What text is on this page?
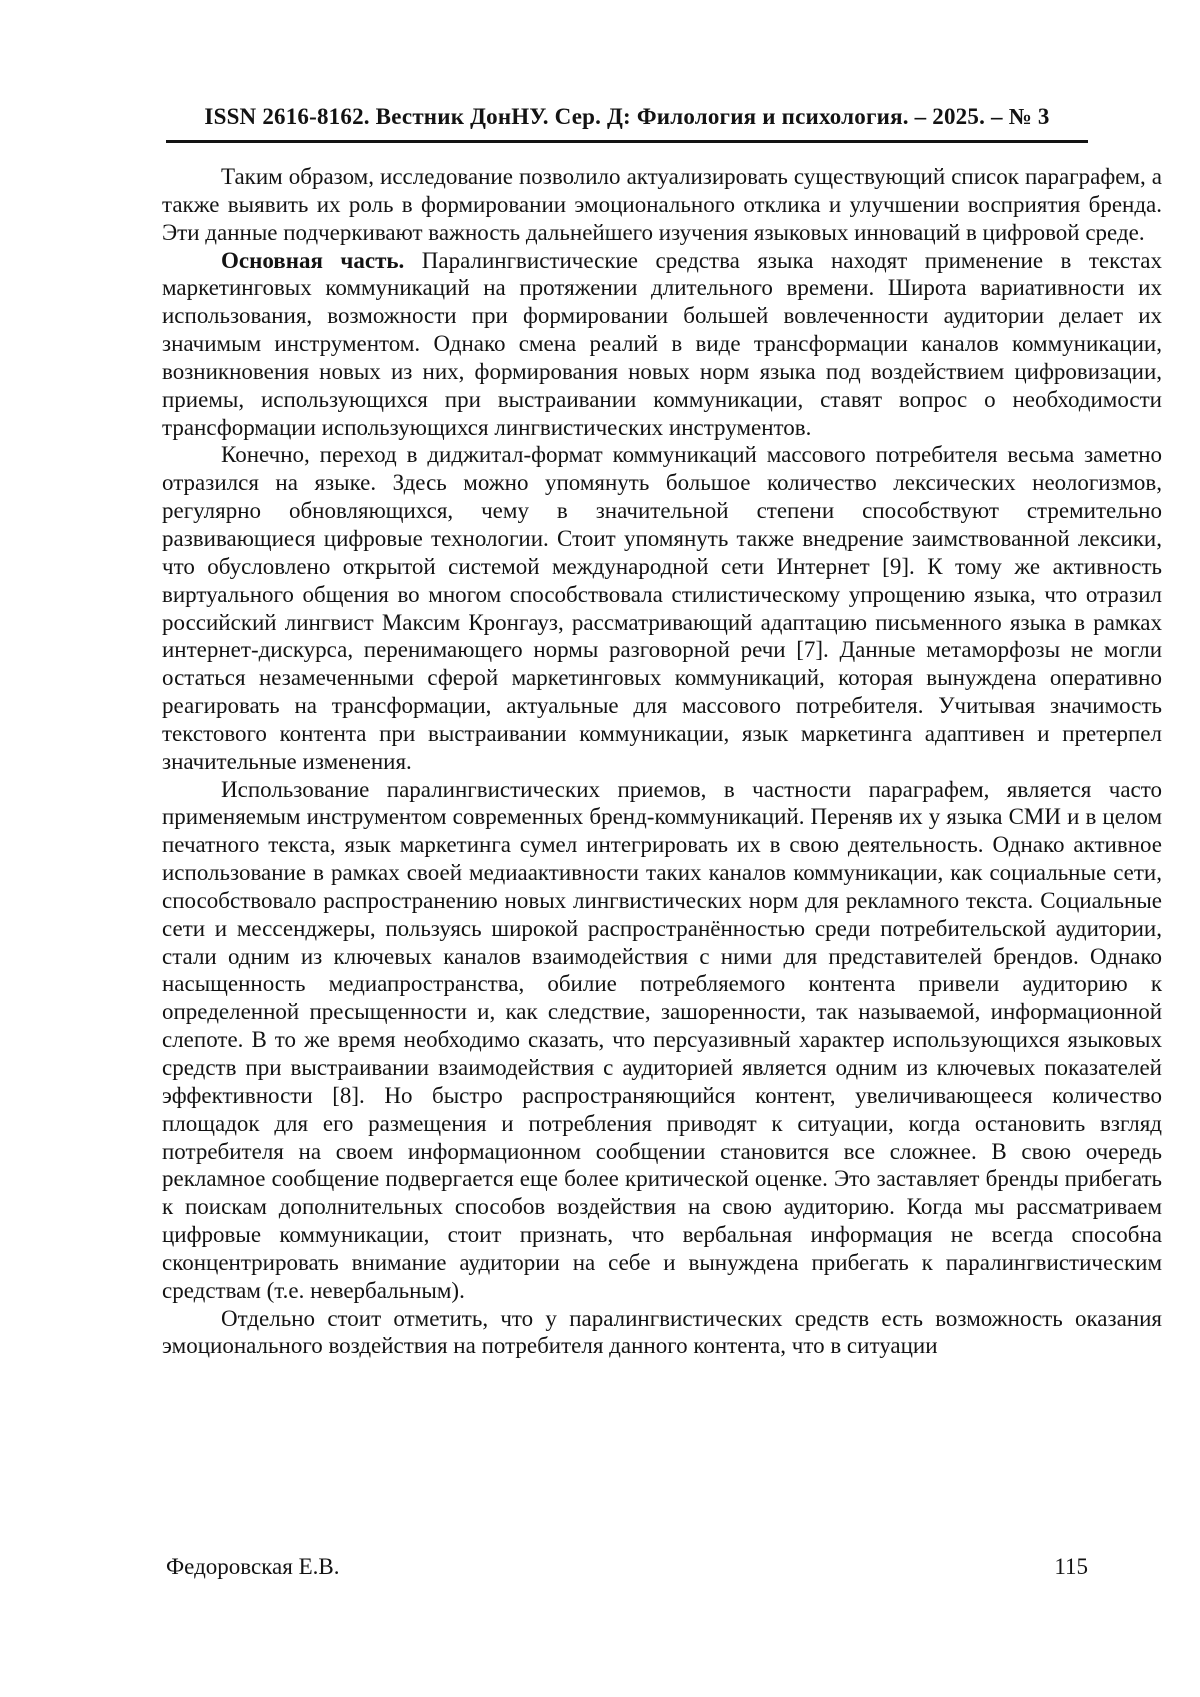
ISSN 2616-8162. Вестник ДонНУ. Сер. Д: Филология и психология. – 2025. – № 3

Таким образом, исследование позволило актуализировать существующий список параграфем, а также выявить их роль в формировании эмоционального отклика и улучшении восприятия бренда. Эти данные подчеркивают важность дальнейшего изучения языковых инноваций в цифровой среде.

Основная часть. Паралингвистические средства языка находят применение в текстах маркетинговых коммуникаций на протяжении длительного времени. Широта вариативности их использования, возможности при формировании большей вовлеченности аудитории делает их значимым инструментом. Однако смена реалий в виде трансформации каналов коммуникации, возникновения новых из них, формирования новых норм языка под воздействием цифровизации, приемы, использующихся при выстраивании коммуникации, ставят вопрос о необходимости трансформации использующихся лингвистических инструментов.

Конечно, переход в диджитал-формат коммуникаций массового потребителя весьма заметно отразился на языке. Здесь можно упомянуть большое количество лексических неологизмов, регулярно обновляющихся, чему в значительной степени способствуют стремительно развивающиеся цифровые технологии. Стоит упомянуть также внедрение заимствованной лексики, что обусловлено открытой системой международной сети Интернет [9]. К тому же активность виртуального общения во многом способствовала стилистическому упрощению языка, что отразил российский лингвист Максим Кронгауз, рассматривающий адаптацию письменного языка в рамках интернет-дискурса, перенимающего нормы разговорной речи [7]. Данные метаморфозы не могли остаться незамеченными сферой маркетинговых коммуникаций, которая вынуждена оперативно реагировать на трансформации, актуальные для массового потребителя. Учитывая значимость текстового контента при выстраивании коммуникации, язык маркетинга адаптивен и претерпел значительные изменения.

Использование паралингвистических приемов, в частности параграфем, является часто применяемым инструментом современных бренд-коммуникаций. Переняв их у языка СМИ и в целом печатного текста, язык маркетинга сумел интегрировать их в свою деятельность. Однако активное использование в рамках своей медиаактивности таких каналов коммуникации, как социальные сети, способствовало распространению новых лингвистических норм для рекламного текста. Социальные сети и мессенджеры, пользуясь широкой распространённостью среди потребительской аудитории, стали одним из ключевых каналов взаимодействия с ними для представителей брендов. Однако насыщенность медиапространства, обилие потребляемого контента привели аудиторию к определенной пресыщенности и, как следствие, зашоренности, так называемой, информационной слепоте. В то же время необходимо сказать, что персуазивный характер использующихся языковых средств при выстраивании взаимодействия с аудиторией является одним из ключевых показателей эффективности [8]. Но быстро распространяющийся контент, увеличивающееся количество площадок для его размещения и потребления приводят к ситуации, когда остановить взгляд потребителя на своем информационном сообщении становится все сложнее. В свою очередь рекламное сообщение подвергается еще более критической оценке. Это заставляет бренды прибегать к поискам дополнительных способов воздействия на свою аудиторию. Когда мы рассматриваем цифровые коммуникации, стоит признать, что вербальная информация не всегда способна сконцентрировать внимание аудитории на себе и вынуждена прибегать к паралингвистическим средствам (т.е. невербальным).

Отдельно стоит отметить, что у паралингвистических средств есть возможность оказания эмоционального воздействия на потребителя данного контента, что в ситуации

Федоровская Е.В.	115
